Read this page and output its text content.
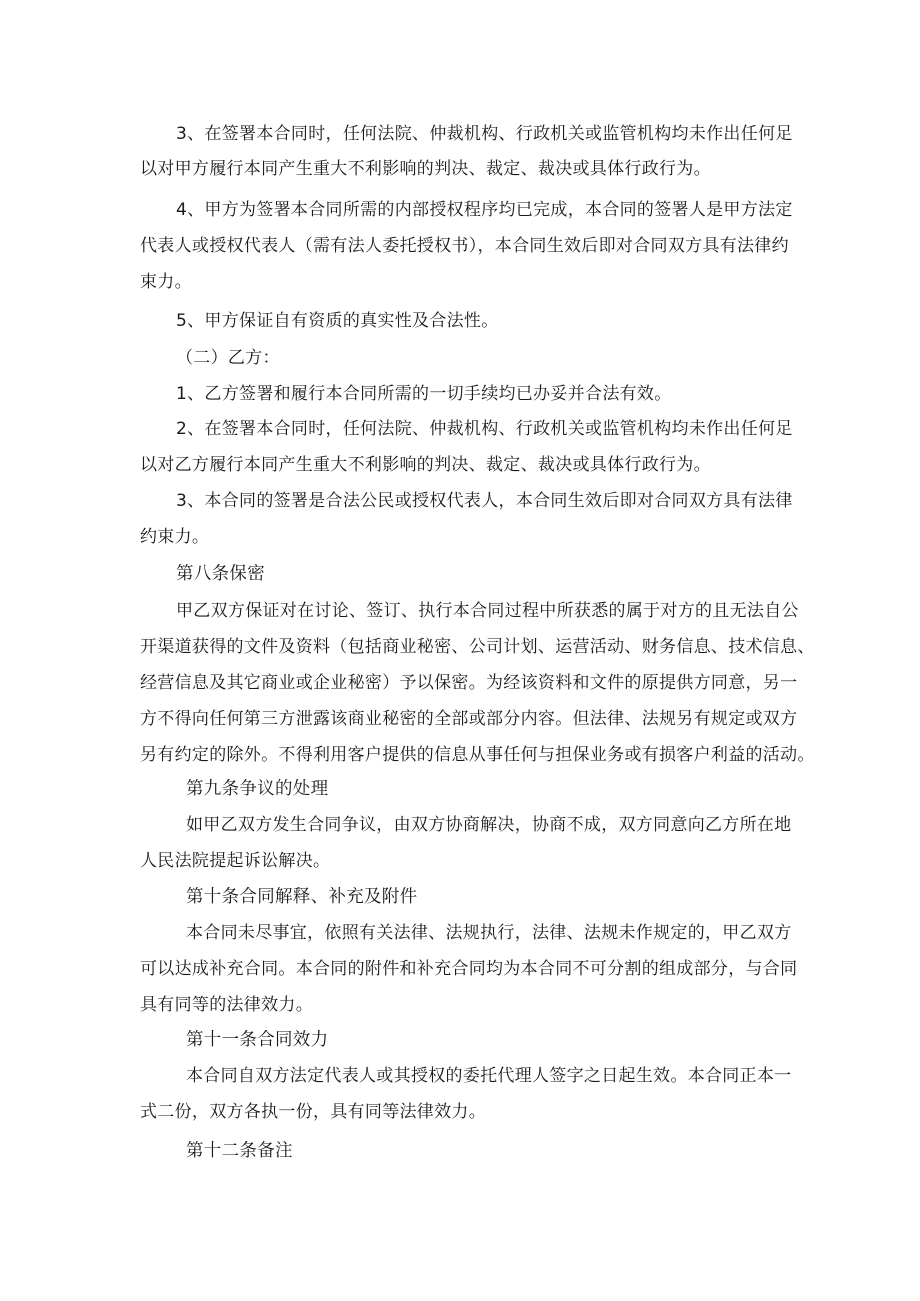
3、在签署本合同时，任何法院、仲裁机构、行政机关或监管机构均未作出任何足
以对甲方履行本同产生重大不利影响的判决、裁定、裁决或具体行政行为。
4、甲方为签署本合同所需的内部授权程序均已完成，本合同的签署人是甲方法定
代表人或授权代表人（需有法人委托授权书），本合同生效后即对合同双方具有法律约
束力。
5、甲方保证自有资质的真实性及合法性。
（二）乙方：
1、乙方签署和履行本合同所需的一切手续均已办妥并合法有效。
2、在签署本合同时，任何法院、仲裁机构、行政机关或监管机构均未作出任何足
以对乙方履行本同产生重大不利影响的判决、裁定、裁决或具体行政行为。
3、本合同的签署是合法公民或授权代表人，本合同生效后即对合同双方具有法律
约束力。
第八条保密
甲乙双方保证对在讨论、签订、执行本合同过程中所获悉的属于对方的且无法自公
开渠道获得的文件及资料（包括商业秘密、公司计划、运营活动、财务信息、技术信息、
经营信息及其它商业或企业秘密）予以保密。为经该资料和文件的原提供方同意，另一
方不得向任何第三方泄露该商业秘密的全部或部分内容。但法律、法规另有规定或双方
另有约定的除外。不得利用客户提供的信息从事任何与担保业务或有损客户利益的活动。
第九条争议的处理
如甲乙双方发生合同争议，由双方协商解决，协商不成，双方同意向乙方所在地
人民法院提起诉讼解决。
第十条合同解释、补充及附件
本合同未尽事宜，依照有关法律、法规执行，法律、法规未作规定的，甲乙双方
可以达成补充合同。本合同的附件和补充合同均为本合同不可分割的组成部分，与合同
具有同等的法律效力。
第十一条合同效力
本合同自双方法定代表人或其授权的委托代理人签字之日起生效。本合同正本一
式二份，双方各执一份，具有同等法律效力。
第十二条备注
